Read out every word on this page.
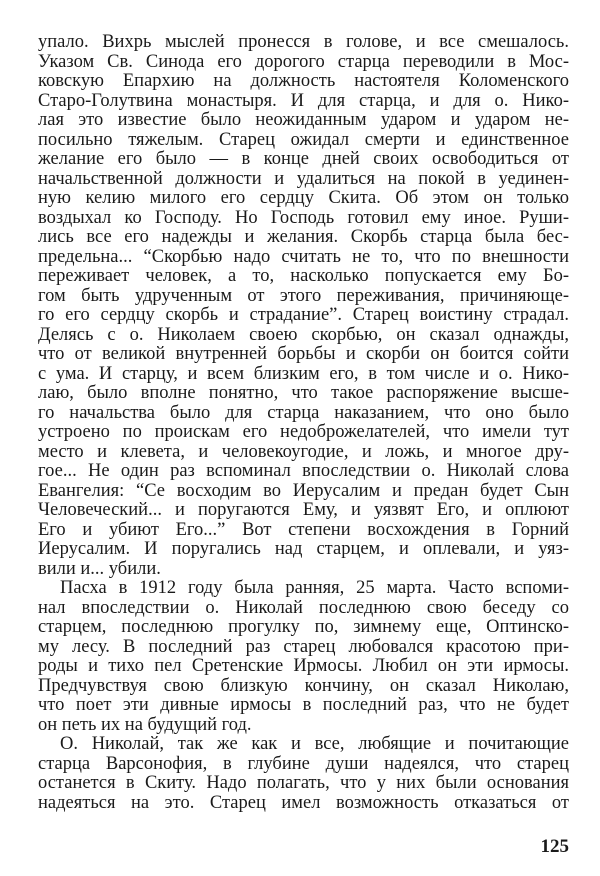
упало. Вихрь мыслей пронесся в голове, и все смешалось.
Указом Св. Синода его дорогого старца переводили в Мос-
ковскую Епархию на должность настоятеля Коломенского
Старо-Голутвина монастыря. И для старца, и для о. Нико-
лая это известие было неожиданным ударом и ударом не-
посильно тяжелым. Старец ожидал смерти и единственное
желание его было — в конце дней своих освободиться от
начальственной должности и удалиться на покой в уединен-
ную келию милого его сердцу Скита. Об этом он только
воздыхал ко Господу. Но Господь готовил ему иное. Руши-
лись все его надежды и желания. Скорбь старца была бес-
предельна... “Скорбью надо считать не то, что по внешности
переживает человек, а то, насколько попускается ему Бо-
гом быть удрученным от этого переживания, причиняюще-
го его сердцу скорбь и страдание”. Старец воистину страдал.
Делясь с о. Николаем своею скорбью, он сказал однажды,
что от великой внутренней борьбы и скорби он боится сойти
с ума. И старцу, и всем близким его, в том числе и о. Нико-
лаю, было вполне понятно, что такое распоряжение высше-
го начальства было для старца наказанием, что оно было
устроено по проискам его недоброжелателей, что имели тут
место и клевета, и человекоугодие, и ложь, и многое дру-
гое... Не один раз вспоминал впоследствии о. Николай слова
Евангелия: “Се восходим во Иерусалим и предан будет Сын
Человеческий... и поругаются Ему, и уязвят Его, и оплюют
Его и убиют Его...” Вот степени восхождения в Горний
Иерусалим. И поругались над старцем, и оплевали, и уяз-
вили и... убили.
Пасха в 1912 году была ранняя, 25 марта. Часто вспоми-
нал впоследствии о. Николай последнюю свою беседу со
старцем, последнюю прогулку по, зимнему еще, Оптинско-
му лесу. В последний раз старец любовался красотою при-
роды и тихо пел Сретенские Ирмосы. Любил он эти ирмосы.
Предчувствуя свою близкую кончину, он сказал Николаю,
что поет эти дивные ирмосы в последний раз, что не будет
он петь их на будущий год.
О. Николай, так же как и все, любящие и почитающие
старца Варсонофия, в глубине души надеялся, что старец
останется в Скиту. Надо полагать, что у них были основания
надеяться на это. Старец имел возможность отказаться от
125
